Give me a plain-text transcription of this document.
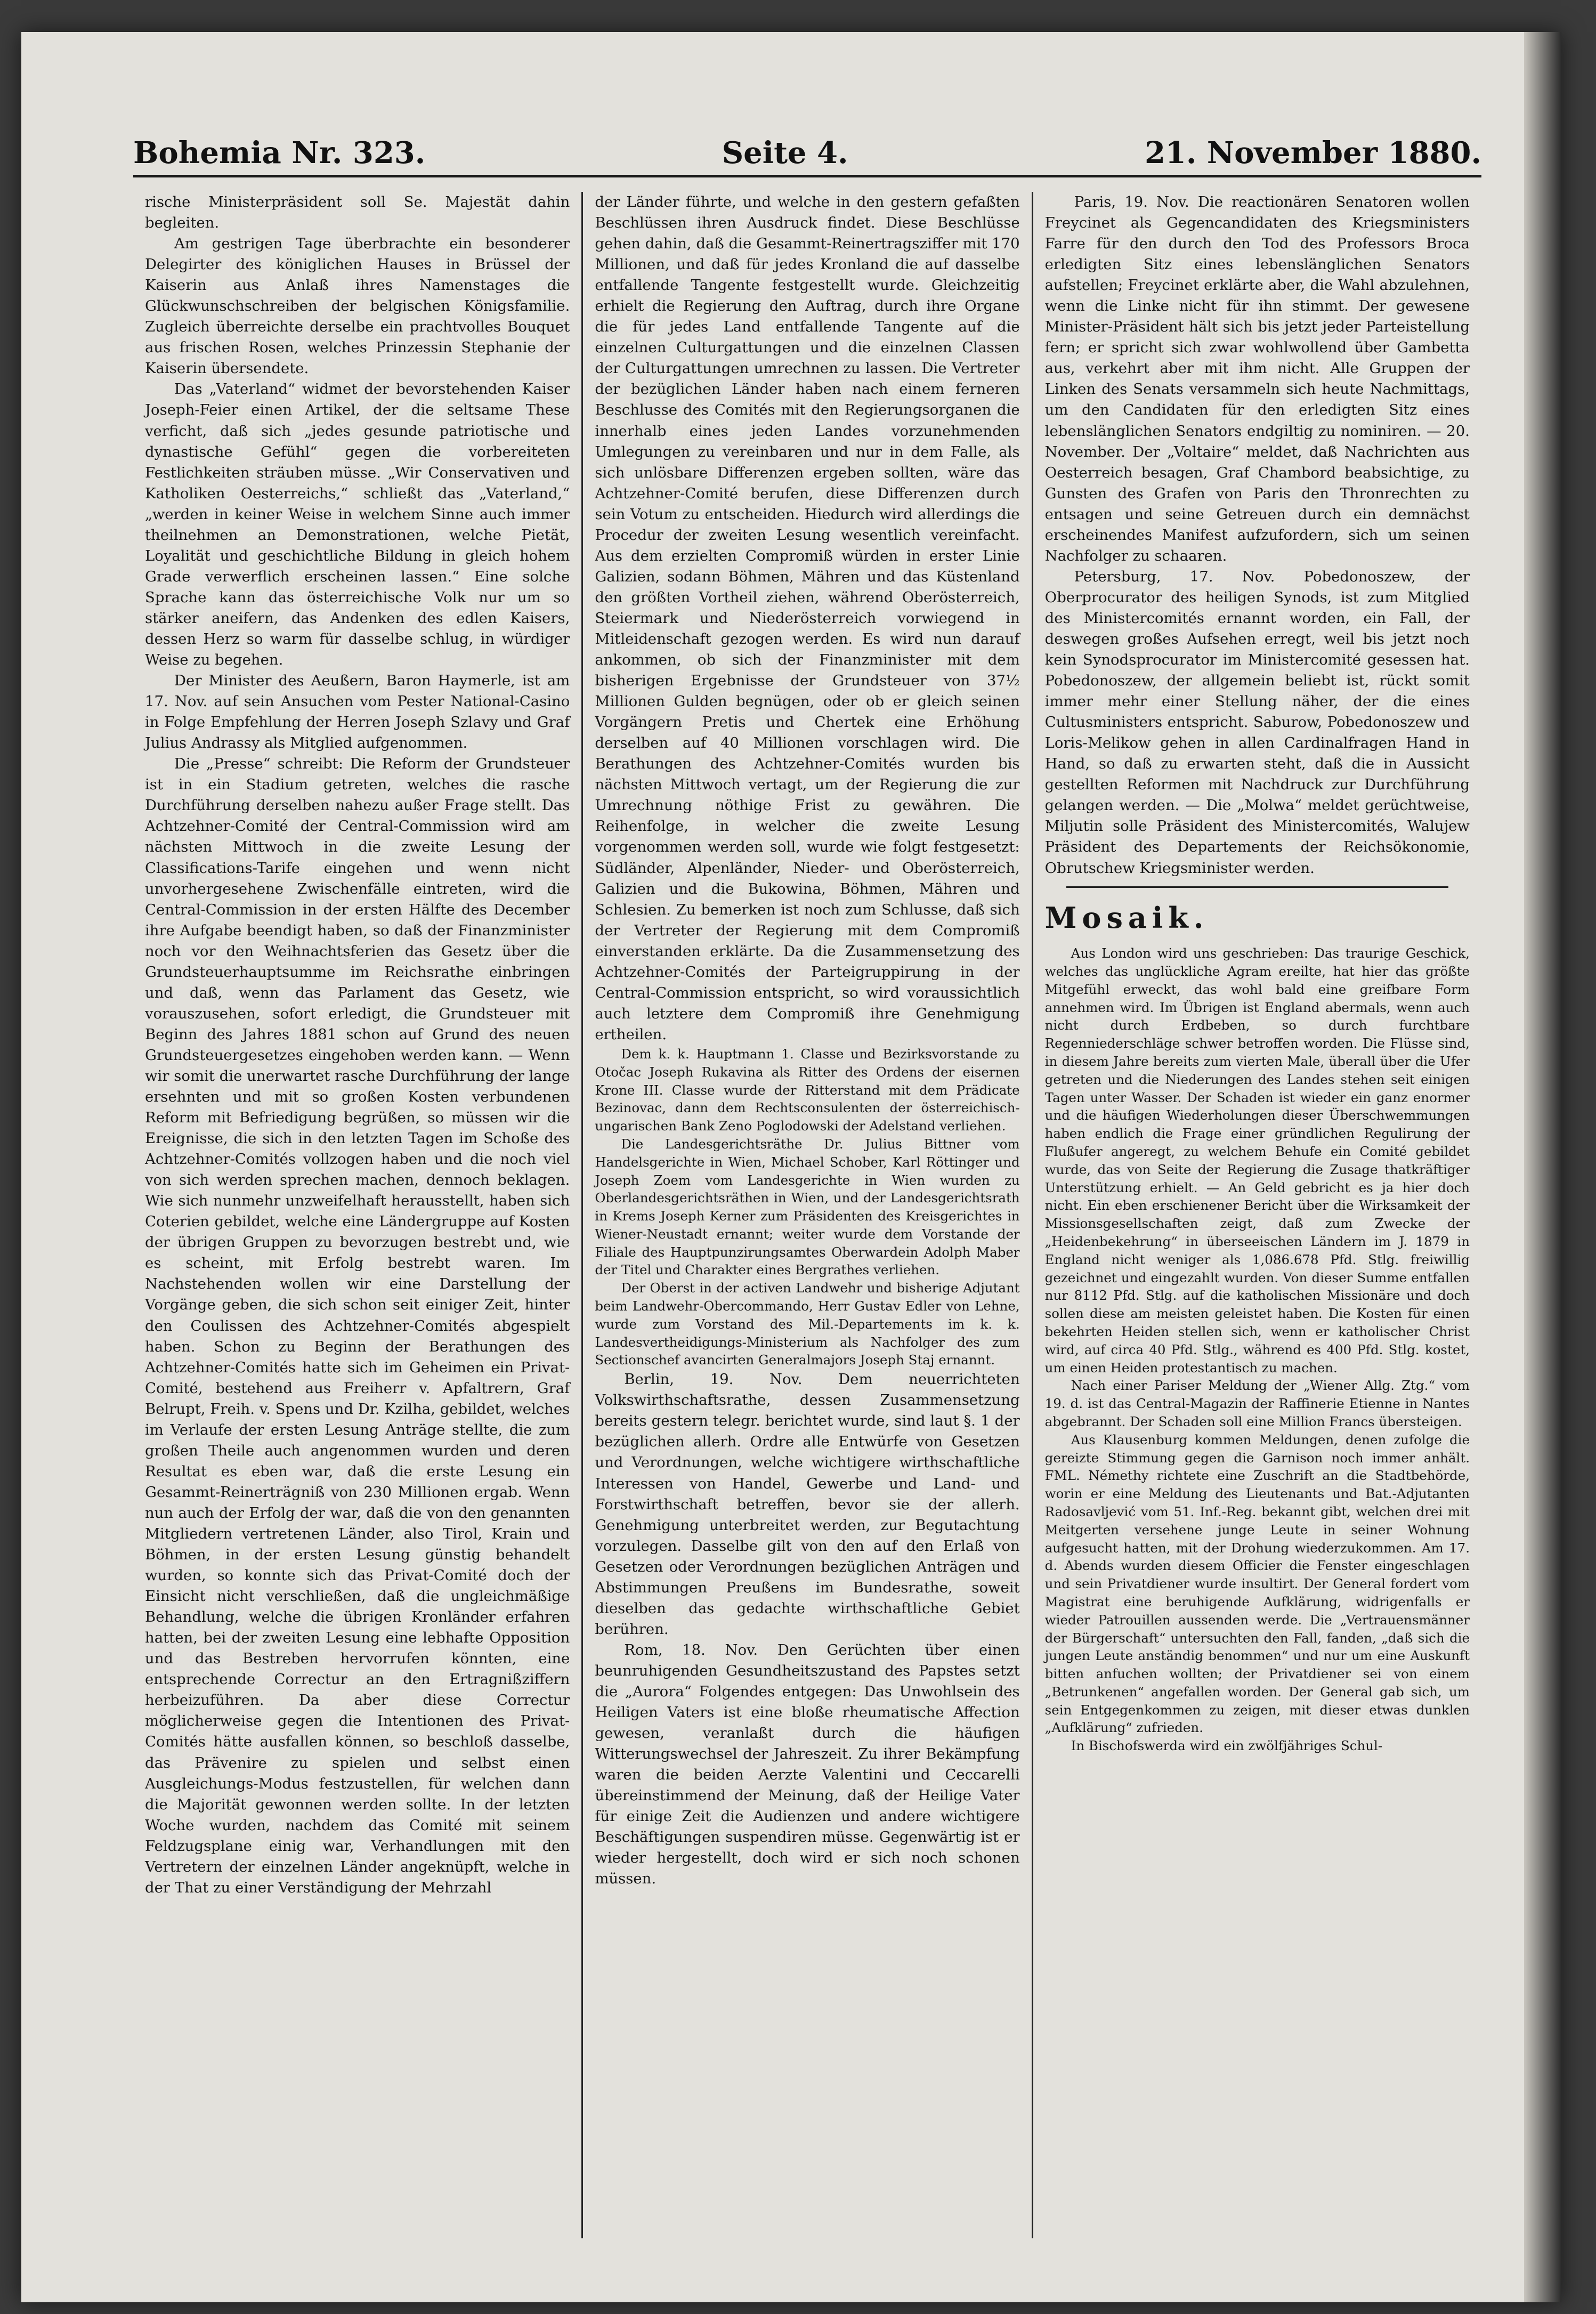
Bohemia Nr. 323.	Seite 4.	21. November 1880.

rische Ministerpräsident soll Se. Majestät dahin begleiten.

Am gestrigen Tage überbrachte ein besonderer Delegirter des königlichen Hauses in Brüssel der Kaiserin aus Anlaß ihres Namenstages die Glückwunschschreiben der belgischen Königsfamilie. Zugleich überreichte derselbe ein prachtvolles Bouquet aus frischen Rosen, welches Prinzessin Stephanie der Kaiserin übersendete.

Das „Vaterland“ widmet der bevorstehenden Kaiser Joseph-Feier einen Artikel, der die seltsame These verficht, daß sich „jedes gesunde patriotische und dynastische Gefühl“ gegen die vorbereiteten Festlichkeiten sträuben müsse. „Wir Conservativen und Katholiken Oesterreichs,“ schließt das „Vaterland,“ „werden in keiner Weise in welchem Sinne auch immer theilnehmen an Demonstrationen, welche Pietät, Loyalität und geschichtliche Bildung in gleich hohem Grade verwerflich erscheinen lassen.“ Eine solche Sprache kann das österreichische Volk nur um so stärker aneifern, das Andenken des edlen Kaisers, dessen Herz so warm für dasselbe schlug, in würdiger Weise zu begehen.

Der Minister des Aeußern, Baron Haymerle, ist am 17. Nov. auf sein Ansuchen vom Pester National-Casino in Folge Empfehlung der Herren Joseph Szlavy und Graf Julius Andrassy als Mitglied aufgenommen.

Die „Presse“ schreibt: Die Reform der Grundsteuer ist in ein Stadium getreten, welches die rasche Durchführung derselben nahezu außer Frage stellt. Das Achtzehner-Comité der Central-Commission wird am nächsten Mittwoch in die zweite Lesung der Classifications-Tarife eingehen und wenn nicht unvorhergesehene Zwischenfälle eintreten, wird die Central-Commission in der ersten Hälfte des December ihre Aufgabe beendigt haben, so daß der Finanzminister noch vor den Weihnachtsferien das Gesetz über die Grundsteuerhauptsumme im Reichsrathe einbringen und daß, wenn das Parlament das Gesetz, wie vorauszusehen, sofort erledigt, die Grundsteuer mit Beginn des Jahres 1881 schon auf Grund des neuen Grundsteuergesetzes eingehoben werden kann. — Wenn wir somit die unerwartet rasche Durchführung der lange ersehnten und mit so großen Kosten verbundenen Reform mit Befriedigung begrüßen, so müssen wir die Ereignisse, die sich in den letzten Tagen im Schoße des Achtzehner-Comités vollzogen haben und die noch viel von sich werden sprechen machen, dennoch beklagen. Wie sich nunmehr unzweifelhaft herausstellt, haben sich Coterien gebildet, welche eine Ländergruppe auf Kosten der übrigen Gruppen zu bevorzugen bestrebt und, wie es scheint, mit Erfolg bestrebt waren. Im Nachstehenden wollen wir eine Darstellung der Vorgänge geben, die sich schon seit einiger Zeit, hinter den Coulissen des Achtzehner-Comités abgespielt haben. Schon zu Beginn der Berathungen des Achtzehner-Comités hatte sich im Geheimen ein Privat-Comité, bestehend aus Freiherr v. Apfaltrern, Graf Belrupt, Freih. v. Spens und Dr. Kzilha, gebildet, welches im Verlaufe der ersten Lesung Anträge stellte, die zum großen Theile auch angenommen wurden und deren Resultat es eben war, daß die erste Lesung ein Gesammt-Reinerträgniß von 230 Millionen ergab. Wenn nun auch der Erfolg der war, daß die von den genannten Mitgliedern vertretenen Länder, also Tirol, Krain und Böhmen, in der ersten Lesung günstig behandelt wurden, so konnte sich das Privat-Comité doch der Einsicht nicht verschließen, daß die ungleichmäßige Behandlung, welche die übrigen Kronländer erfahren hatten, bei der zweiten Lesung eine lebhafte Opposition und das Bestreben hervorrufen könnten, eine entsprechende Correctur an den Ertragnißziffern herbeizuführen. Da aber diese Correctur möglicherweise gegen die Intentionen des Privat-Comités hätte ausfallen können, so beschloß dasselbe, das Prävenire zu spielen und selbst einen Ausgleichungs-Modus festzustellen, für welchen dann die Majorität gewonnen werden sollte. In der letzten Woche wurden, nachdem das Comité mit seinem Feldzugsplane einig war, Verhandlungen mit den Vertretern der einzelnen Länder angeknüpft, welche in der That zu einer Verständigung der Mehrzahl

der Länder führte, und welche in den gestern gefaßten Beschlüssen ihren Ausdruck findet. Diese Beschlüsse gehen dahin, daß die Gesammt-Reinertragsziffer mit 170 Millionen, und daß für jedes Kronland die auf dasselbe entfallende Tangente festgestellt wurde. Gleichzeitig erhielt die Regierung den Auftrag, durch ihre Organe die für jedes Land entfallende Tangente auf die einzelnen Culturgattungen und die einzelnen Classen der Culturgattungen umrechnen zu lassen. Die Vertreter der bezüglichen Länder haben nach einem ferneren Beschlusse des Comités mit den Regierungsorganen die innerhalb eines jeden Landes vorzunehmenden Umlegungen zu vereinbaren und nur in dem Falle, als sich unlösbare Differenzen ergeben sollten, wäre das Achtzehner-Comité berufen, diese Differenzen durch sein Votum zu entscheiden. Hiedurch wird allerdings die Procedur der zweiten Lesung wesentlich vereinfacht. Aus dem erzielten Compromiß würden in erster Linie Galizien, sodann Böhmen, Mähren und das Küstenland den größten Vortheil ziehen, während Oberösterreich, Steiermark und Niederösterreich vorwiegend in Mitleidenschaft gezogen werden. Es wird nun darauf ankommen, ob sich der Finanzminister mit dem bisherigen Ergebnisse der Grundsteuer von 37½ Millionen Gulden begnügen, oder ob er gleich seinen Vorgängern Pretis und Chertek eine Erhöhung derselben auf 40 Millionen vorschlagen wird. Die Berathungen des Achtzehner-Comités wurden bis nächsten Mittwoch vertagt, um der Regierung die zur Umrechnung nöthige Frist zu gewähren. Die Reihenfolge, in welcher die zweite Lesung vorgenommen werden soll, wurde wie folgt festgesetzt: Südländer, Alpenländer, Nieder- und Oberösterreich, Galizien und die Bukowina, Böhmen, Mähren und Schlesien. Zu bemerken ist noch zum Schlusse, daß sich der Vertreter der Regierung mit dem Compromiß einverstanden erklärte. Da die Zusammensetzung des Achtzehner-Comités der Parteigruppirung in der Central-Commission entspricht, so wird voraussichtlich auch letztere dem Compromiß ihre Genehmigung ertheilen.

Dem k. k. Hauptmann 1. Classe und Bezirksvorstande zu Otočac Joseph Rukavina als Ritter des Ordens der eisernen Krone III. Classe wurde der Ritterstand mit dem Prädicate Bezinovac, dann dem Rechtsconsulenten der österreichisch-ungarischen Bank Zeno Poglodowski der Adelstand verliehen.

Die Landesgerichtsräthe Dr. Julius Bittner vom Handelsgerichte in Wien, Michael Schober, Karl Röttinger und Joseph Zoem vom Landesgerichte in Wien wurden zu Oberlandesgerichtsräthen in Wien, und der Landesgerichtsrath in Krems Joseph Kerner zum Präsidenten des Kreisgerichtes in Wiener-Neustadt ernannt; weiter wurde dem Vorstande der Filiale des Hauptpunzirungsamtes Oberwardein Adolph Maber der Titel und Charakter eines Bergrathes verliehen.

Der Oberst in der activen Landwehr und bisherige Adjutant beim Landwehr-Obercommando, Herr Gustav Edler von Lehne, wurde zum Vorstand des Mil.-Departements im k. k. Landesvertheidigungs-Ministerium als Nachfolger des zum Sectionschef avancirten Generalmajors Joseph Staj ernannt.

Berlin, 19. Nov. Dem neuerrichteten Volkswirthschaftsrathe, dessen Zusammensetzung bereits gestern telegr. berichtet wurde, sind laut §. 1 der bezüglichen allerh. Ordre alle Entwürfe von Gesetzen und Verordnungen, welche wichtigere wirthschaftliche Interessen von Handel, Gewerbe und Land- und Forstwirthschaft betreffen, bevor sie der allerh. Genehmigung unterbreitet werden, zur Begutachtung vorzulegen. Dasselbe gilt von den auf den Erlaß von Gesetzen oder Verordnungen bezüglichen Anträgen und Abstimmungen Preußens im Bundesrathe, soweit dieselben das gedachte wirthschaftliche Gebiet berühren.

Rom, 18. Nov. Den Gerüchten über einen beunruhigenden Gesundheitszustand des Papstes setzt die „Aurora“ Folgendes entgegen: Das Unwohlsein des Heiligen Vaters ist eine bloße rheumatische Affection gewesen, veranlaßt durch die häufigen Witterungswechsel der Jahreszeit. Zu ihrer Bekämpfung waren die beiden Aerzte Valentini und Ceccarelli übereinstimmend der Meinung, daß der Heilige Vater für einige Zeit die Audienzen und andere wichtigere Beschäftigungen suspendiren müsse. Gegenwärtig ist er wieder hergestellt, doch wird er sich noch schonen müssen.

Paris, 19. Nov. Die reactionären Senatoren wollen Freycinet als Gegencandidaten des Kriegsministers Farre für den durch den Tod des Professors Broca erledigten Sitz eines lebenslänglichen Senators aufstellen; Freycinet erklärte aber, die Wahl abzulehnen, wenn die Linke nicht für ihn stimmt. Der gewesene Minister-Präsident hält sich bis jetzt jeder Parteistellung fern; er spricht sich zwar wohlwollend über Gambetta aus, verkehrt aber mit ihm nicht. Alle Gruppen der Linken des Senats versammeln sich heute Nachmittags, um den Candidaten für den erledigten Sitz eines lebenslänglichen Senators endgiltig zu nominiren. — 20. November. Der „Voltaire“ meldet, daß Nachrichten aus Oesterreich besagen, Graf Chambord beabsichtige, zu Gunsten des Grafen von Paris den Thronrechten zu entsagen und seine Getreuen durch ein demnächst erscheinendes Manifest aufzufordern, sich um seinen Nachfolger zu schaaren.

Petersburg, 17. Nov. Pobedonoszew, der Oberprocurator des heiligen Synods, ist zum Mitglied des Ministercomités ernannt worden, ein Fall, der deswegen großes Aufsehen erregt, weil bis jetzt noch kein Synodsprocurator im Ministercomité gesessen hat. Pobedonoszew, der allgemein beliebt ist, rückt somit immer mehr einer Stellung näher, der die eines Cultusministers entspricht. Saburow, Pobedonoszew und Loris-Melikow gehen in allen Cardinalfragen Hand in Hand, so daß zu erwarten steht, daß die in Aussicht gestellten Reformen mit Nachdruck zur Durchführung gelangen werden. — Die „Molwa“ meldet gerüchtweise, Miljutin solle Präsident des Ministercomités, Walujew Präsident des Departements der Reichsökonomie, Obrutschew Kriegsminister werden.

Mosaik.

Aus London wird uns geschrieben: Das traurige Geschick, welches das unglückliche Agram ereilte, hat hier das größte Mitgefühl erweckt, das wohl bald eine greifbare Form annehmen wird. Im Übrigen ist England abermals, wenn auch nicht durch Erdbeben, so durch furchtbare Regenniederschläge schwer betroffen worden. Die Flüsse sind, in diesem Jahre bereits zum vierten Male, überall über die Ufer getreten und die Niederungen des Landes stehen seit einigen Tagen unter Wasser. Der Schaden ist wieder ein ganz enormer und die häufigen Wiederholungen dieser Überschwemmungen haben endlich die Frage einer gründlichen Regulirung der Flußufer angeregt, zu welchem Behufe ein Comité gebildet wurde, das von Seite der Regierung die Zusage thatkräftiger Unterstützung erhielt. — An Geld gebricht es ja hier doch nicht. Ein eben erschienener Bericht über die Wirksamkeit der Missionsgesellschaften zeigt, daß zum Zwecke der „Heidenbekehrung“ in überseeischen Ländern im J. 1879 in England nicht weniger als 1,086.678 Pfd. Stlg. freiwillig gezeichnet und eingezahlt wurden. Von dieser Summe entfallen nur 8112 Pfd. Stlg. auf die katholischen Missionäre und doch sollen diese am meisten geleistet haben. Die Kosten für einen bekehrten Heiden stellen sich, wenn er katholischer Christ wird, auf circa 40 Pfd. Stlg., während es 400 Pfd. Stlg. kostet, um einen Heiden protestantisch zu machen.

Nach einer Pariser Meldung der „Wiener Allg. Ztg.“ vom 19. d. ist das Central-Magazin der Raffinerie Etienne in Nantes abgebrannt. Der Schaden soll eine Million Francs übersteigen.

Aus Klausenburg kommen Meldungen, denen zufolge die gereizte Stimmung gegen die Garnison noch immer anhält. FML. Némethy richtete eine Zuschrift an die Stadtbehörde, worin er eine Meldung des Lieutenants und Bat.-Adjutanten Radosavljević vom 51. Inf.-Reg. bekannt gibt, welchen drei mit Meitgerten versehene junge Leute in seiner Wohnung aufgesucht hatten, mit der Drohung wiederzukommen. Am 17. d. Abends wurden diesem Officier die Fenster eingeschlagen und sein Privatdiener wurde insultirt. Der General fordert vom Magistrat eine beruhigende Aufklärung, widrigenfalls er wieder Patrouillen aussenden werde. Die „Vertrauensmänner der Bürgerschaft“ untersuchten den Fall, fanden, „daß sich die jungen Leute anständig benommen“ und nur um eine Auskunft bitten anfuchen wollten; der Privatdiener sei von einem „Betrunkenen“ angefallen worden. Der General gab sich, um sein Entgegenkommen zu zeigen, mit dieser etwas dunklen „Aufklärung“ zufrieden.

In Bischofswerda wird ein zwölfjähriges Schul-
